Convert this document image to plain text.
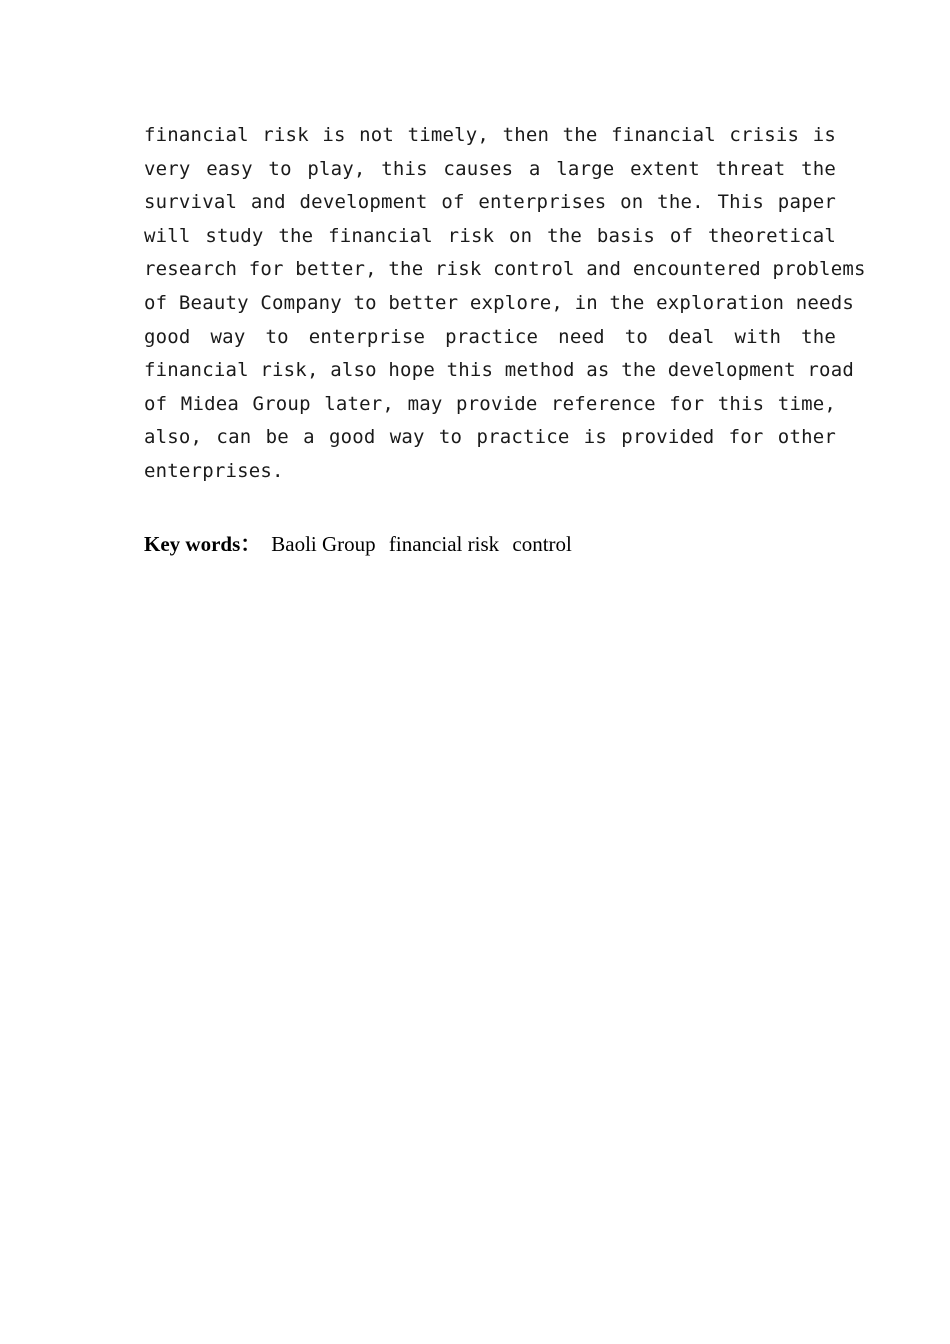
financial risk is not timely, then the financial crisis is
very easy to play, this causes a large extent threat the
survival and development of enterprises on the. This paper
will study the financial risk on the basis of theoretical
research for better, the risk control and encountered problems
of Beauty Company to better explore, in the exploration needs
good way to enterprise practice need to deal with the
financial risk, also hope this method as the development road
of Midea Group later, may provide reference for this time,
also, can be a good way to practice is provided for other
enterprises.
Key words： Baoli Group financial risk control
